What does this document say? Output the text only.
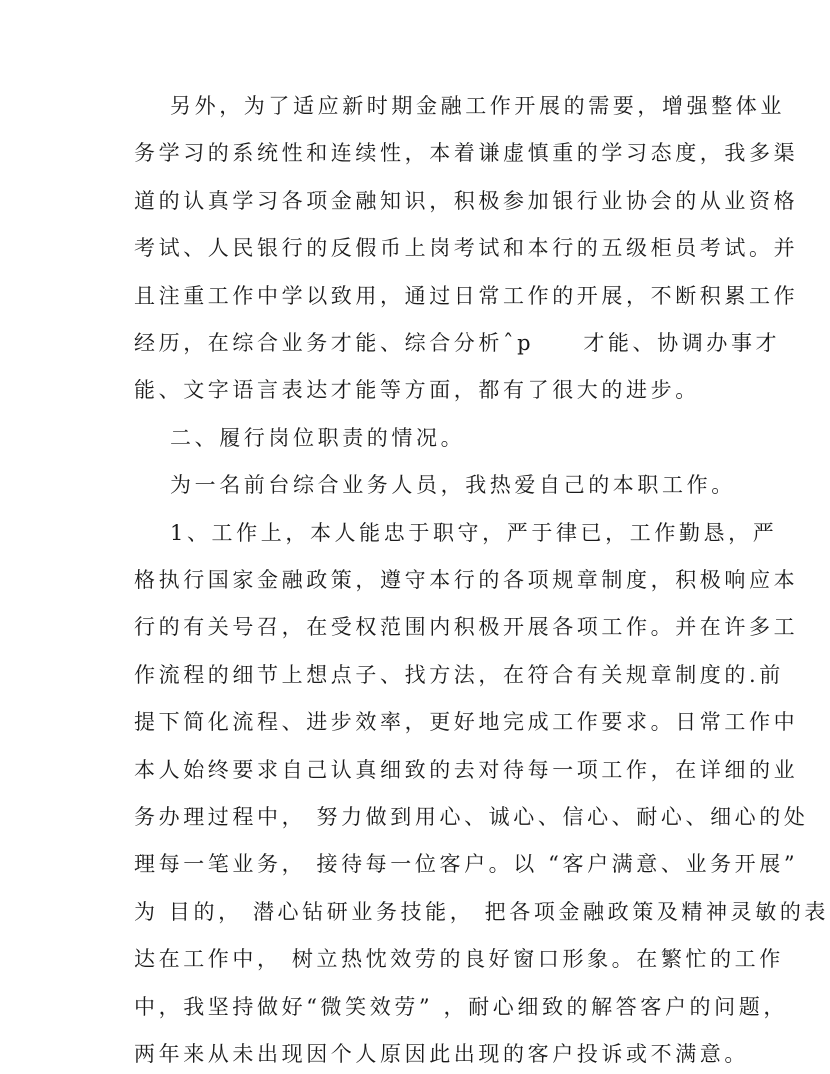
另外，为了适应新时期金融工作开展的需要，增强整体业
务学习的系统性和连续性，本着谦虚慎重的学习态度，我多渠
道的认真学习各项金融知识，积极参加银行业协会的从业资格
考试、人民银行的反假币上岗考试和本行的五级柜员考试。并
且注重工作中学以致用，通过日常工作的开展，不断积累工作
经历，在综合业务才能、综合分析ˆp　　才能、协调办事才
能、文字语言表达才能等方面，都有了很大的进步。
二、履行岗位职责的情况。
为一名前台综合业务人员，我热爱自己的本职工作。
1、工作上，本人能忠于职守，严于律已，工作勤恳，严
格执行国家金融政策，遵守本行的各项规章制度，积极响应本
行的有关号召，在受权范围内积极开展各项工作。并在许多工
作流程的细节上想点子、找方法，在符合有关规章制度的.前
提下简化流程、进步效率，更好地完成工作要求。日常工作中
本人始终要求自己认真细致的去对待每一项工作，在详细的业
务办理过程中， 努力做到用心、诚心、信心、耐心、细心的处
理每一笔业务， 接待每一位客户。以 “客户满意、业务开展”
为 目的， 潜心钻研业务技能， 把各项金融政策及精神灵敏的表
达在工作中， 树立热忱效劳的良好窗口形象。在繁忙的工作
中，我坚持做好“微笑效劳” ，耐心细致的解答客户的问题，
两年来从未出现因个人原因此出现的客户投诉或不满意。
